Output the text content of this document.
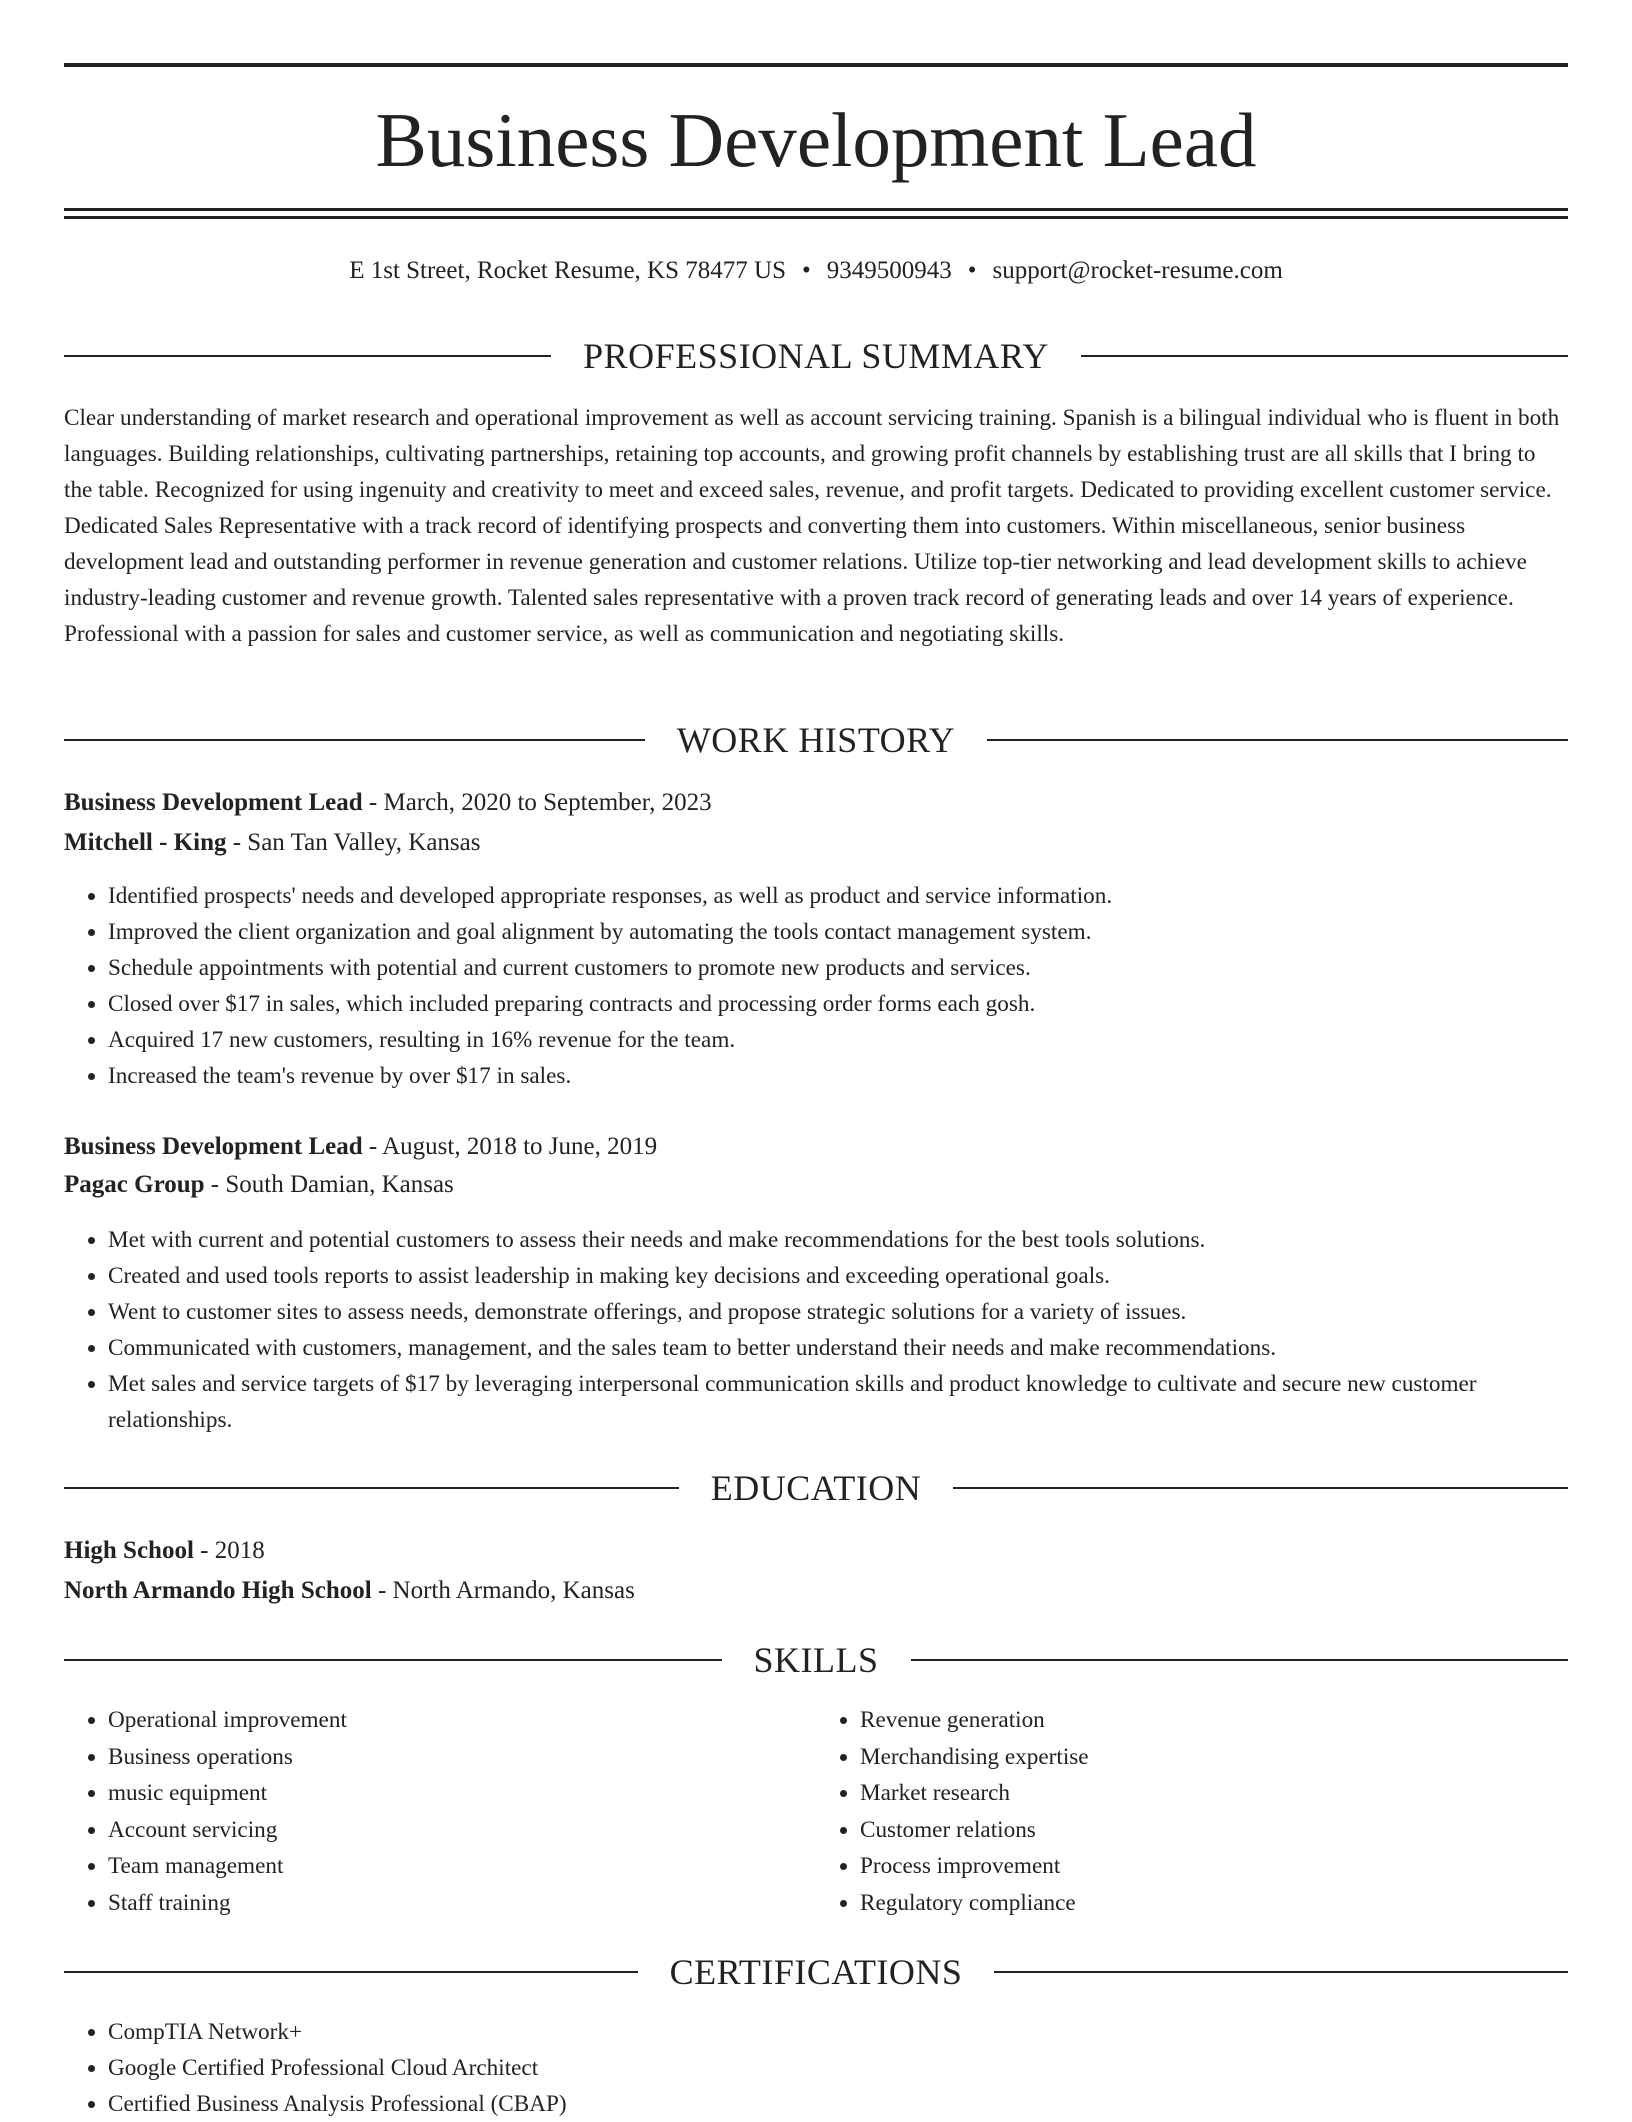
Business Development Lead
E 1st Street, Rocket Resume, KS 78477 US • 9349500943 • support@rocket-resume.com
PROFESSIONAL SUMMARY

Clear understanding of market research and operational improvement as well as account servicing training. Spanish is a bilingual individual who is fluent in both languages. Building relationships, cultivating partnerships, retaining top accounts, and growing profit channels by establishing trust are all skills that I bring to the table. Recognized for using ingenuity and creativity to meet and exceed sales, revenue, and profit targets. Dedicated to providing excellent customer service. Dedicated Sales Representative with a track record of identifying prospects and converting them into customers. Within miscellaneous, senior business development lead and outstanding performer in revenue generation and customer relations. Utilize top-tier networking and lead development skills to achieve industry-leading customer and revenue growth. Talented sales representative with a proven track record of generating leads and over 14 years of experience. Professional with a passion for sales and customer service, as well as communication and negotiating skills.

WORK HISTORY
Business Development Lead - March, 2020 to September, 2023
Mitchell - King - San Tan Valley, Kansas
• Identified prospects' needs and developed appropriate responses, as well as product and service information.
• Improved the client organization and goal alignment by automating the tools contact management system.
• Schedule appointments with potential and current customers to promote new products and services.
• Closed over $17 in sales, which included preparing contracts and processing order forms each gosh.
• Acquired 17 new customers, resulting in 16% revenue for the team.
• Increased the team's revenue by over $17 in sales.
Business Development Lead - August, 2018 to June, 2019
Pagac Group - South Damian, Kansas
• Met with current and potential customers to assess their needs and make recommendations for the best tools solutions.
• Created and used tools reports to assist leadership in making key decisions and exceeding operational goals.
• Went to customer sites to assess needs, demonstrate offerings, and propose strategic solutions for a variety of issues.
• Communicated with customers, management, and the sales team to better understand their needs and make recommendations.
• Met sales and service targets of $17 by leveraging interpersonal communication skills and product knowledge to cultivate and secure new customer relationships.
EDUCATION
High School - 2018
North Armando High School - North Armando, Kansas
SKILLS
• Operational improvement
• Business operations
• music equipment
• Account servicing
• Team management
• Staff training
• Revenue generation
• Merchandising expertise
• Market research
• Customer relations
• Process improvement
• Regulatory compliance
CERTIFICATIONS
• CompTIA Network+
• Google Certified Professional Cloud Architect
• Certified Business Analysis Professional (CBAP)
